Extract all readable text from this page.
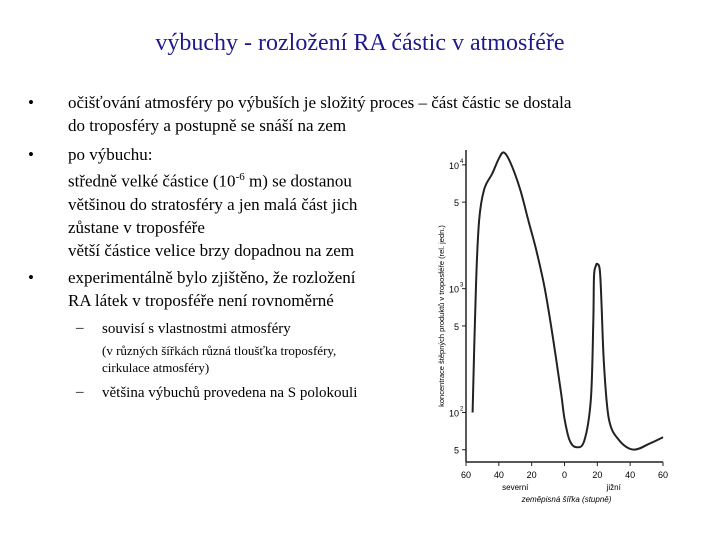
výbuchy - rozložení RA částic v atmosféře
• očišťování atmosféry po výbuších je složitý proces – část částic se dostala
do troposféry a postupně se snáší na zem
• po výbuchu:
středně velké částice ($10^{-6}$ m) se dostanou
většinou do stratosféry a jen malá část jich
zůstane v troposféře
větší částice velice brzy dopadnou na zem
• experimentálně bylo zjištěno, že rozložení
RA látek v troposféře není rovnoměrné
– souvisí s vlastnostmi atmosféry
(v různých šířkách různá tloušťka troposféry,
cirkulace atmosféry)
– většina výbuchů provedena na S polokouli
10 4
5
10 3
5
10 2
5
60	40	20	0	20	40	60
severní	jižní
zeměpisná šířka (stupně)
koncentrace štěpných produktů v troposféře (rel. jedn.)
